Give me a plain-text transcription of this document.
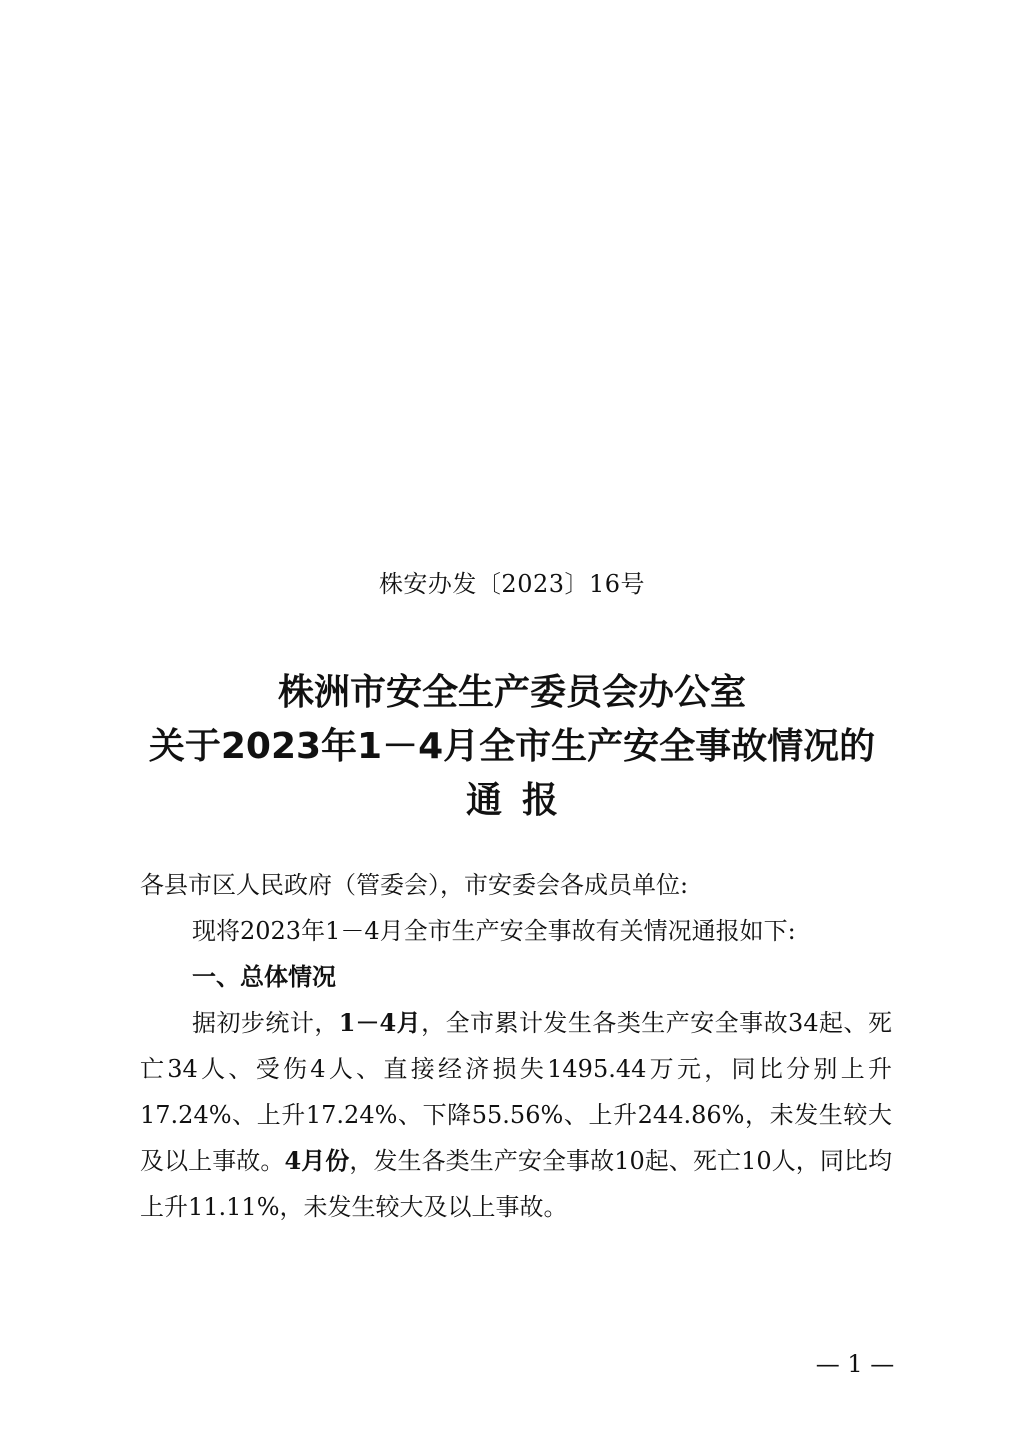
株安办发〔2023〕16号
株洲市安全生产委员会办公室
关于2023年1－4月全市生产安全事故情况的
通报

各县市区人民政府（管委会），市安委会各成员单位:

现将2023年1－4月全市生产安全事故有关情况通报如下:

一、总体情况

据初步统计，1－4月，全市累计发生各类生产安全事故34起、死亡34人、受伤4人、直接经济损失1495.44万元，同比分别上升17.24%、上升17.24%、下降55.56%、上升244.86%，未发生较大及以上事故。4月份，发生各类生产安全事故10起、死亡10人，同比均上升11.11%，未发生较大及以上事故。

— 1 —
